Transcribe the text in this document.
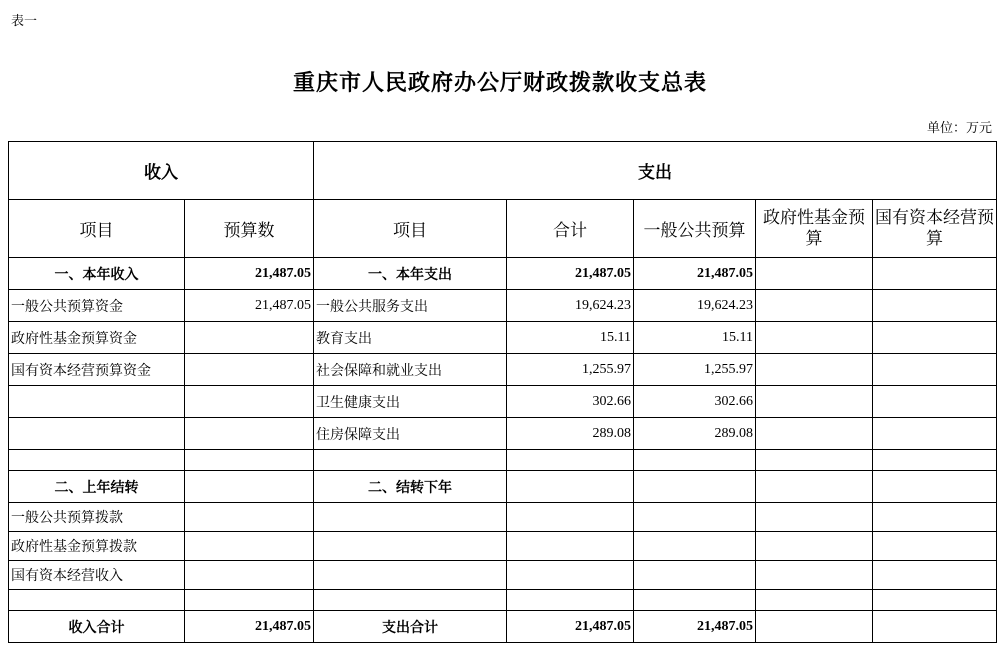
表一
重庆市人民政府办公厅财政拨款收支总表
单位：万元
收入		支出				
项目	预算数	项目	合计	一般公共预算	政府性基金预算	国有资本经营预算
一、本年收入	21,487.05	一、本年支出	21,487.05	21,487.05		
一般公共预算资金	21,487.05	一般公共服务支出	19,624.23	19,624.23		
政府性基金预算资金		教育支出	15.11	15.11		
国有资本经营预算资金		社会保障和就业支出	1,255.97	1,255.97		
		卫生健康支出	302.66	302.66		
		住房保障支出	289.08	289.08		

二、上年结转		二、结转下年				
一般公共预算拨款						
政府性基金预算拨款						
国有资本经营收入						

收入合计	21,487.05	支出合计	21,487.05	21,487.05		
